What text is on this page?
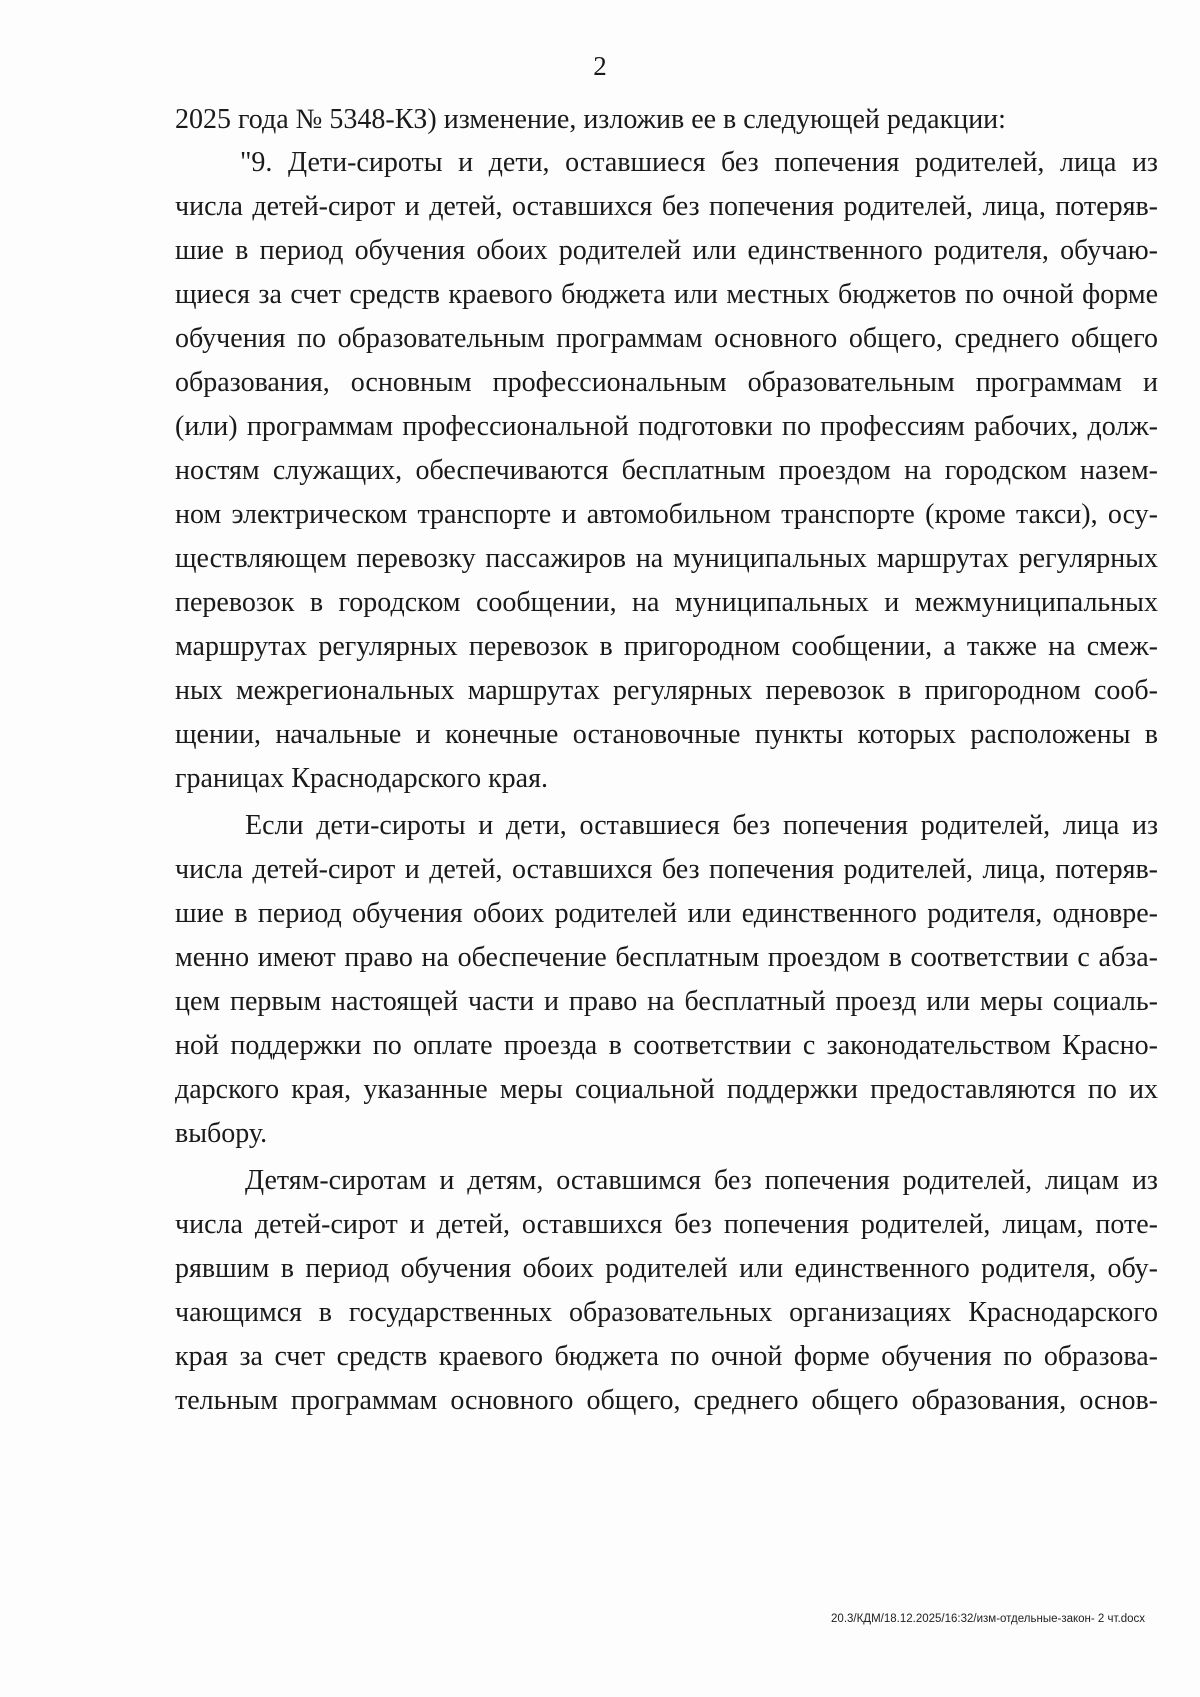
2
2025 года № 5348-КЗ) изменение, изложив ее в следующей редакции:
"9. Дети-сироты и дети, оставшиеся без попечения родителей, лица из
числа детей-сирот и детей, оставшихся без попечения родителей, лица, потеряв-
шие в период обучения обоих родителей или единственного родителя, обучаю-
щиеся за счет средств краевого бюджета или местных бюджетов по очной форме
обучения по образовательным программам основного общего, среднего общего
образования, основным профессиональным образовательным программам и
(или) программам профессиональной подготовки по профессиям рабочих, долж-
ностям служащих, обеспечиваются бесплатным проездом на городском назем-
ном электрическом транспорте и автомобильном транспорте (кроме такси), осу-
ществляющем перевозку пассажиров на муниципальных маршрутах регулярных
перевозок в городском сообщении, на муниципальных и межмуниципальных
маршрутах регулярных перевозок в пригородном сообщении, а также на смеж-
ных межрегиональных маршрутах регулярных перевозок в пригородном сооб-
щении, начальные и конечные остановочные пункты которых расположены в
границах Краснодарского края.
Если дети-сироты и дети, оставшиеся без попечения родителей, лица из
числа детей-сирот и детей, оставшихся без попечения родителей, лица, потеряв-
шие в период обучения обоих родителей или единственного родителя, одновре-
менно имеют право на обеспечение бесплатным проездом в соответствии с абза-
цем первым настоящей части и право на бесплатный проезд или меры социаль-
ной поддержки по оплате проезда в соответствии с законодательством Красно-
дарского края, указанные меры социальной поддержки предоставляются по их
выбору.
Детям-сиротам и детям, оставшимся без попечения родителей, лицам из
числа детей-сирот и детей, оставшихся без попечения родителей, лицам, поте-
рявшим в период обучения обоих родителей или единственного родителя, обу-
чающимся в государственных образовательных организациях Краснодарского
края за счет средств краевого бюджета по очной форме обучения по образова-
тельным программам основного общего, среднего общего образования, основ-
20.3/КДМ/18.12.2025/16:32/изм-отдельные-закон- 2 чт.docx
